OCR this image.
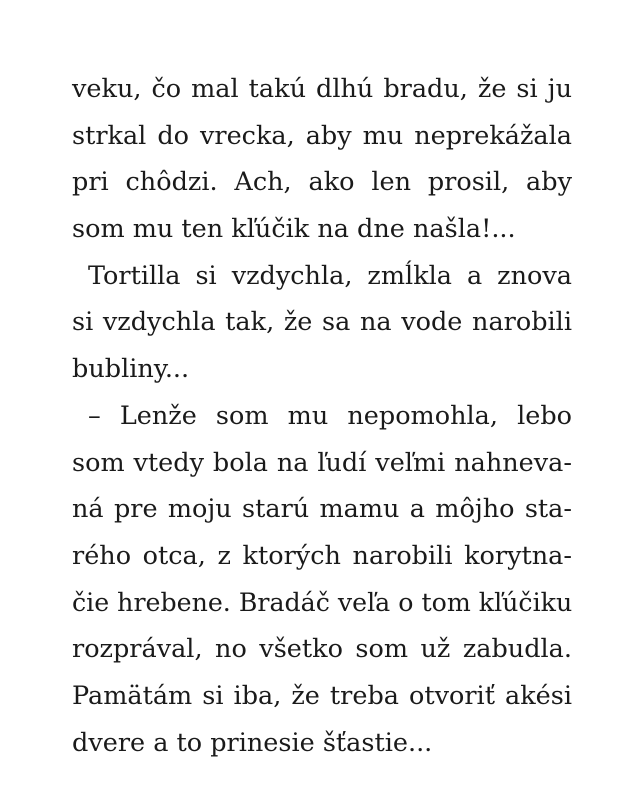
veku, čo mal takú dlhú bradu, že si ju
strkal do vrecka, aby mu neprekážala
pri chôdzi. Ach, ako len prosil, aby
som mu ten kľúčik na dne našla!...
Tortilla si vzdychla, zmĺkla a znova
si vzdychla tak, že sa na vode narobili
bubliny...
– Lenže som mu nepomohla, lebo
som vtedy bola na ľudí veľmi nahneva-
ná pre moju starú mamu a môjho sta-
rého otca, z ktorých narobili korytna-
čie hrebene. Bradáč veľa o tom kľúčiku
rozprával, no všetko som už zabudla.
Pamätám si iba, že treba otvoriť akési
dvere a to prinesie šťastie...
